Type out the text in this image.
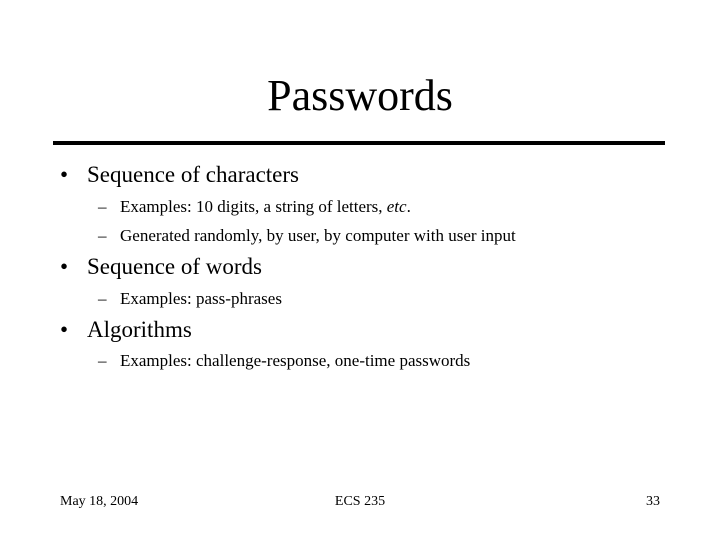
Passwords
• Sequence of characters
– Examples: 10 digits, a string of letters, etc.
– Generated randomly, by user, by computer with user input
• Sequence of words
– Examples: pass-phrases
• Algorithms
– Examples: challenge-response, one-time passwords
May 18, 2004	ECS 235	33
